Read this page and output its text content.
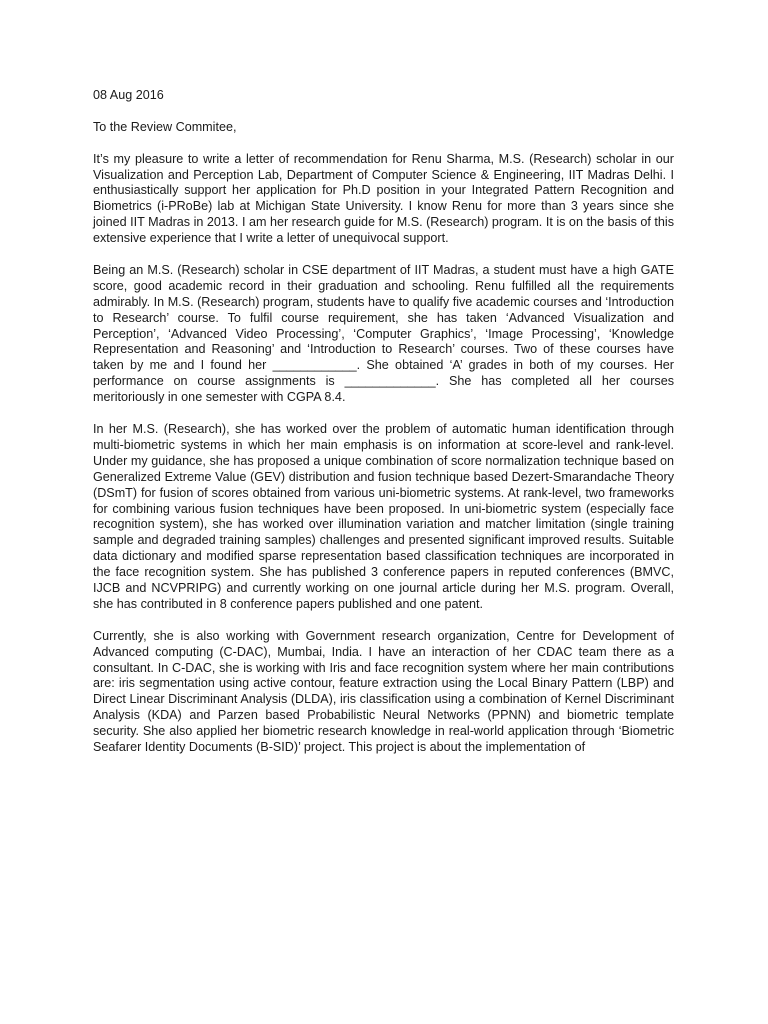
08 Aug 2016

To the Review Commitee,

It’s my pleasure to write a letter of recommendation for Renu Sharma, M.S. (Research) scholar in our Visualization and Perception Lab, Department of Computer Science & Engineering, IIT Madras Delhi. I enthusiastically support her application for Ph.D position in your Integrated Pattern Recognition and Biometrics (i-PRoBe) lab at Michigan State University. I know Renu for more than 3 years since she joined IIT Madras in 2013. I am her research guide for M.S. (Research) program. It is on the basis of this extensive experience that I write a letter of unequivocal support.

Being an M.S. (Research) scholar in CSE department of IIT Madras, a student must have a high GATE score, good academic record in their graduation and schooling. Renu fulfilled all the requirements admirably. In M.S. (Research) program, students have to qualify five academic courses and ‘Introduction to Research’ course. To fulfil course requirement, she has taken ‘Advanced Visualization and Perception’, ‘Advanced Video Processing’, ‘Computer Graphics’, ‘Image Processing’, ‘Knowledge Representation and Reasoning’ and ‘Introduction to Research’ courses. Two of these courses have taken by me and I found her ____________. She obtained ‘A’ grades in both of my courses. Her performance on course assignments is _____________. She has completed all her courses meritoriously in one semester with CGPA 8.4.

In her M.S. (Research), she has worked over the problem of automatic human identification through multi-biometric systems in which her main emphasis is on information at score-level and rank-level. Under my guidance, she has proposed a unique combination of score normalization technique based on Generalized Extreme Value (GEV) distribution and fusion technique based Dezert-Smarandache Theory (DSmT) for fusion of scores obtained from various uni-biometric systems. At rank-level, two frameworks for combining various fusion techniques have been proposed. In uni-biometric system (especially face recognition system), she has worked over illumination variation and matcher limitation (single training sample and degraded training samples) challenges and presented significant improved results. Suitable data dictionary and modified sparse representation based classification techniques are incorporated in the face recognition system. She has published 3 conference papers in reputed conferences (BMVC, IJCB and NCVPRIPG) and currently working on one journal article during her M.S. program. Overall, she has contributed in 8 conference papers published and one patent.

Currently, she is also working with Government research organization, Centre for Development of Advanced computing (C-DAC), Mumbai, India. I have an interaction of her CDAC team there as a consultant. In C-DAC, she is working with Iris and face recognition system where her main contributions are: iris segmentation using active contour, feature extraction using the Local Binary Pattern (LBP) and Direct Linear Discriminant Analysis (DLDA), iris classification using a combination of Kernel Discriminant Analysis (KDA) and Parzen based Probabilistic Neural Networks (PPNN) and biometric template security. She also applied her biometric research knowledge in real-world application through ‘Biometric Seafarer Identity Documents (B-SID)’ project. This project is about the implementation of
